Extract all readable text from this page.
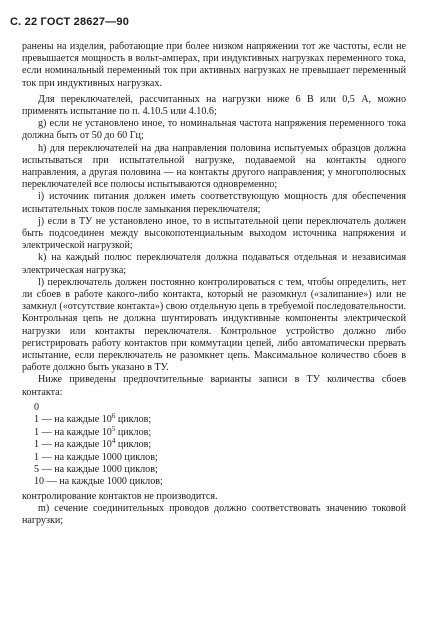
С. 22 ГОСТ 28627—90

ранены на изделия, работающие при более низком напряжении тот же частоты, если не превышается мощность в вольт-амперах, при индуктивных нагрузках переменного тока, если номинальный переменный ток при активных нагрузках не превышает переменный ток при индуктивных нагрузках.

Для переключателей, рассчитанных на нагрузки ниже 6 В или 0,5 А, можно применять испытание по п. 4.10.5 или 4.10.6;

g) если не установлено иное, то номинальная частота напряжения переменного тока должна быть от 50 до 60 Гц;

h) для переключателей на два направления половина испытуемых образцов должна испытываться при испытательной нагрузке, подаваемой на контакты одного направления, а другая половина — на контакты другого направления; у многополюсных переключателей все полюсы испытываются одновременно;

i) источник питания должен иметь соответствующую мощность для обеспечения испытательных токов после замыкания переключателя;

j) если в ТУ не установлено иное, то в испытательной цепи переключатель должен быть подсоединен между высокопотенциальным выходом источника напряжения и электрической нагрузкой;

k) на каждый полюс переключателя должна подаваться отдельная и независимая электрическая нагрузка;

l) переключатель должен постоянно контролироваться с тем, чтобы определить, нет ли сбоев в работе какого-либо контакта, который не разомкнул («залипание») или не замкнул («отсутствие контакта») свою отдельную цепь в требуемой последовательности. Контрольная цепь не должна шунтировать индуктивные компоненты электрической нагрузки или контакты переключателя. Контрольное устройство должно либо регистрировать работу контактов при коммутации цепей, либо автоматически прервать испытание, если переключатель не разомкнет цепь. Максимальное количество сбоев в работе должно быть указано в ТУ.

Ниже приведены предпочтительные варианты записи в ТУ количества сбоев контакта:

0
1 — на каждые $10^6$ циклов;
1 — на каждые $10^5$ циклов;
1 — на каждые $10^4$ циклов;
1 — на каждые 1000 циклов;
5 — на каждые 1000 циклов;
10 — на каждые 1000 циклов;

контролирование контактов не производится.

m) сечение соединительных проводов должно соответствовать значению токовой нагрузки;
